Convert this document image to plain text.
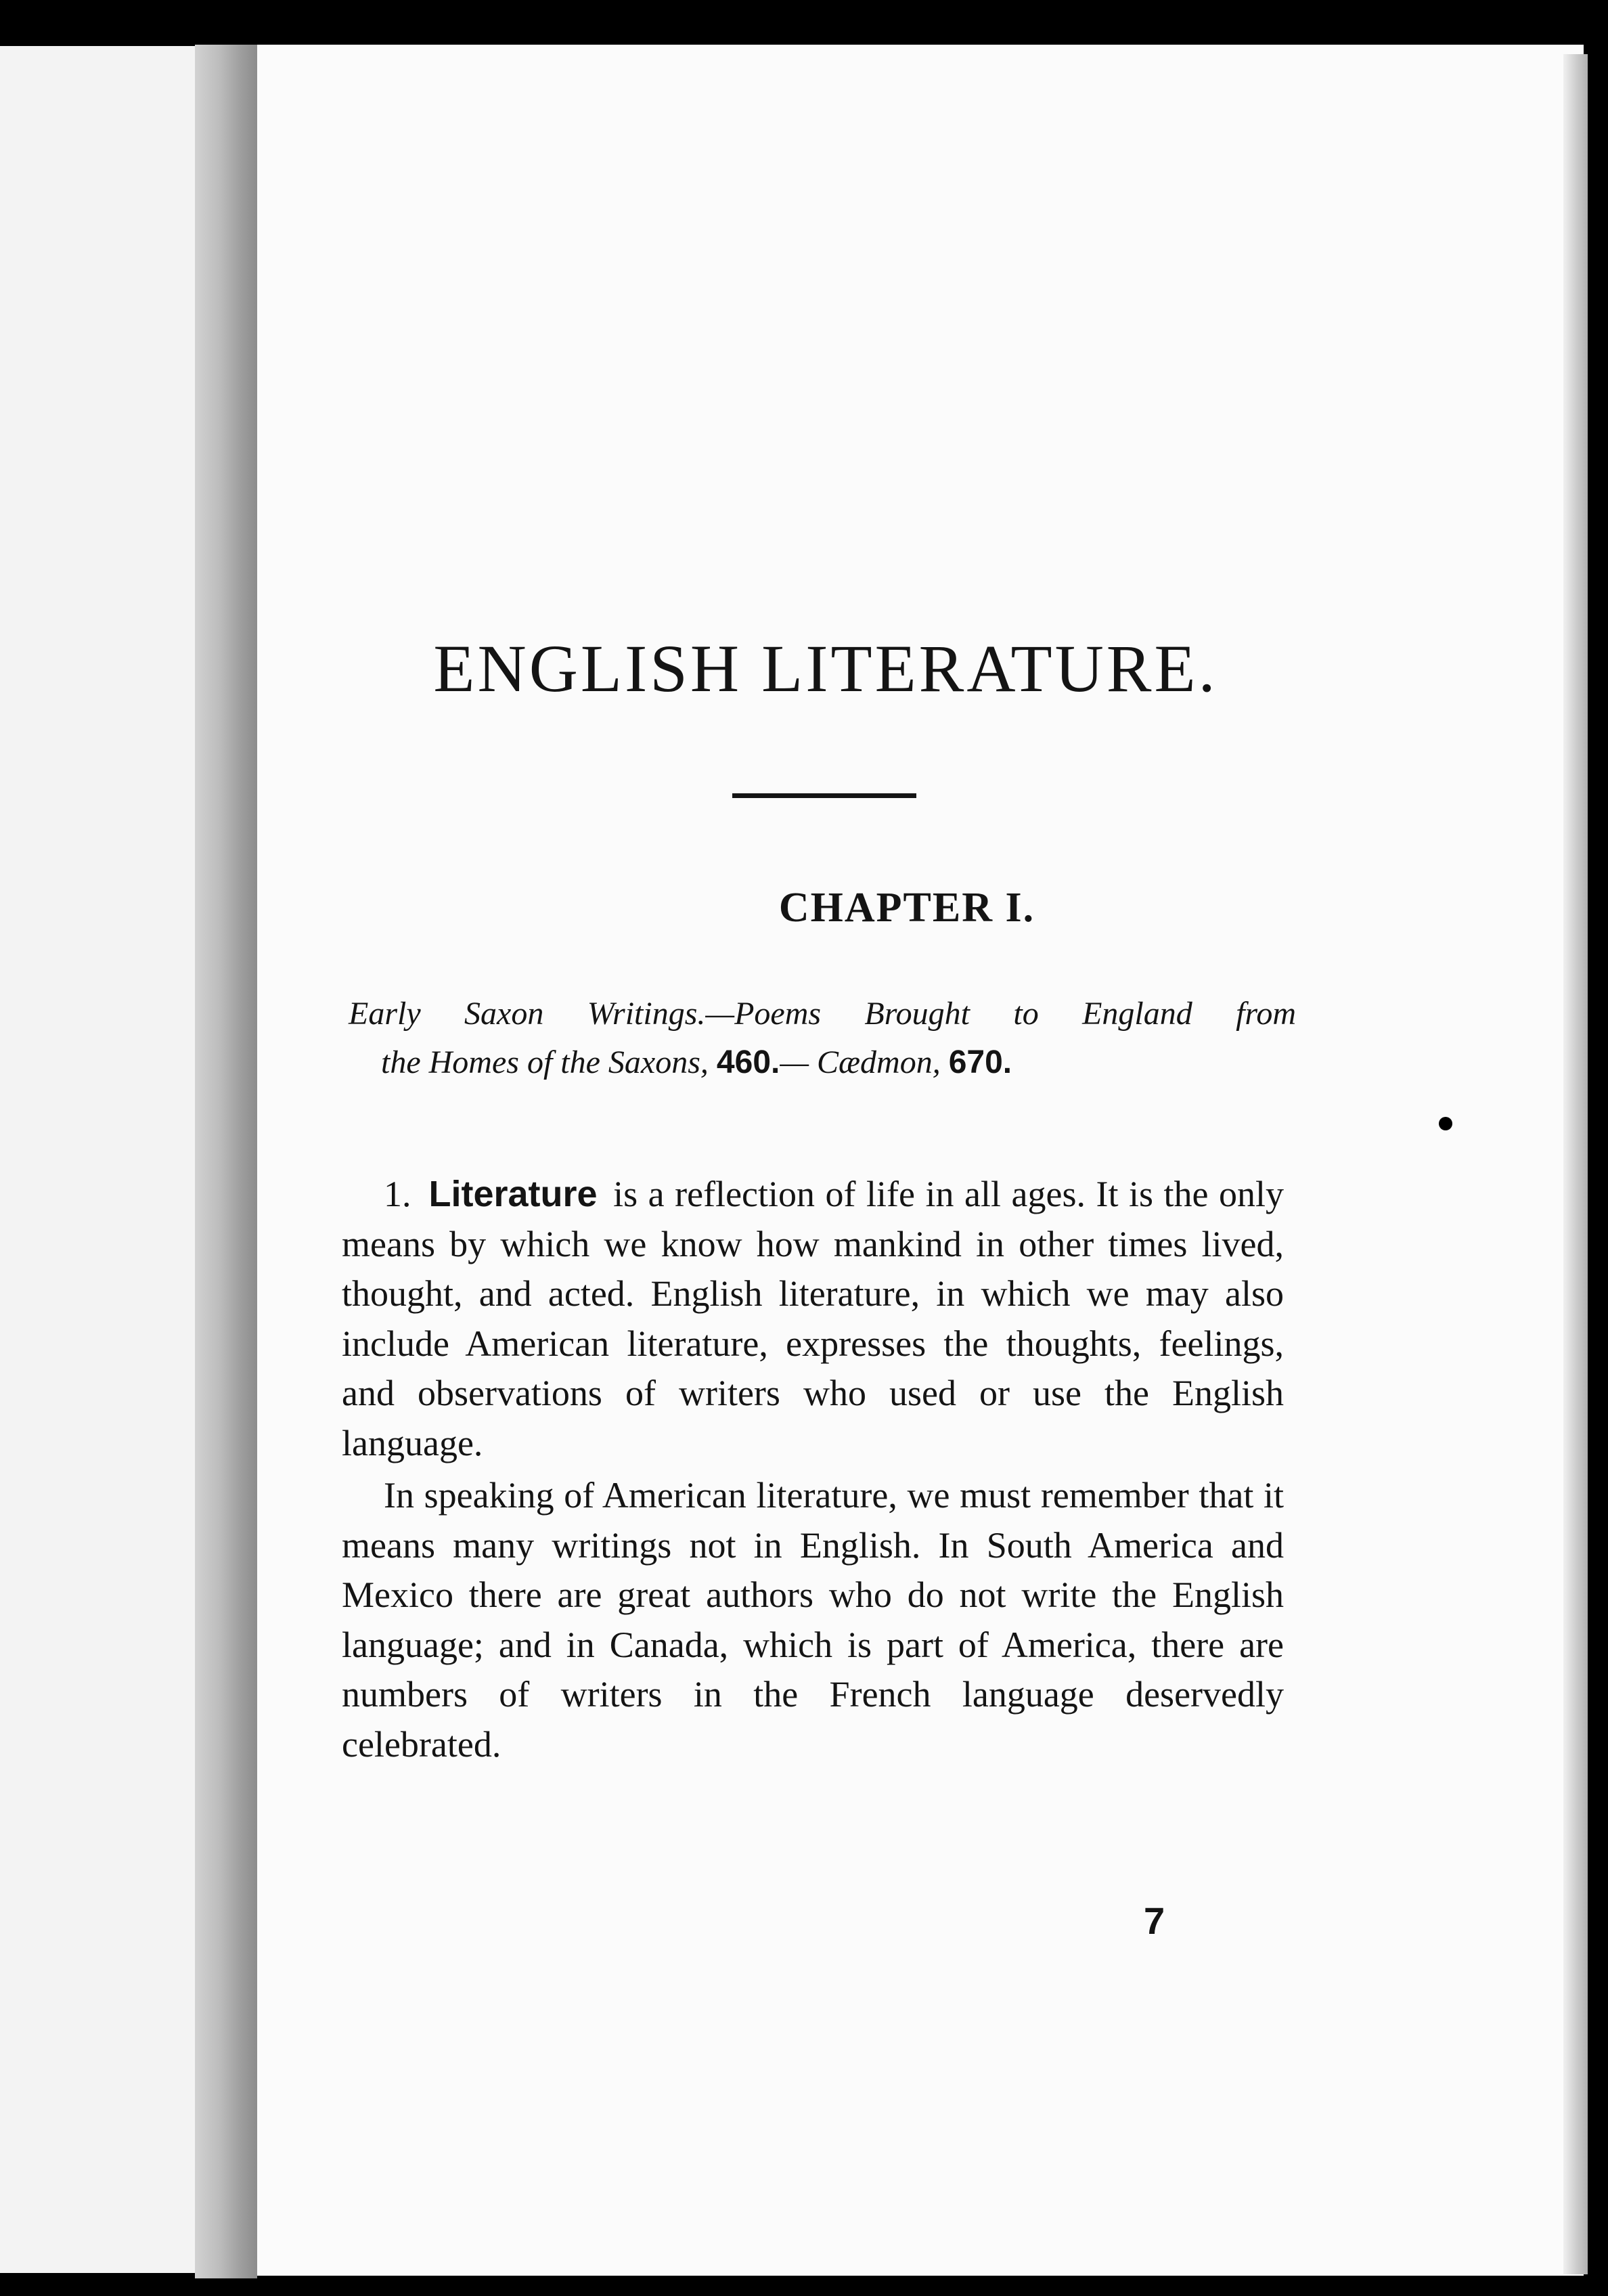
ENGLISH LITERATURE.
CHAPTER I.
Early Saxon Writings.—Poems Brought to England from
the Homes of the Saxons, 460.— Cædmon, 670.

1. Literature is a reflection of life in all ages. It is the only means by which we know how mankind in other times lived, thought, and acted. English literature, in which we may also include American literature, expresses the thoughts, feelings, and observations of writers who used or use the English language.

In speaking of American literature, we must remember that it means many writings not in English. In South America and Mexico there are great authors who do not write the English language; and in Canada, which is part of America, there are numbers of writers in the French language deservedly celebrated.

7
